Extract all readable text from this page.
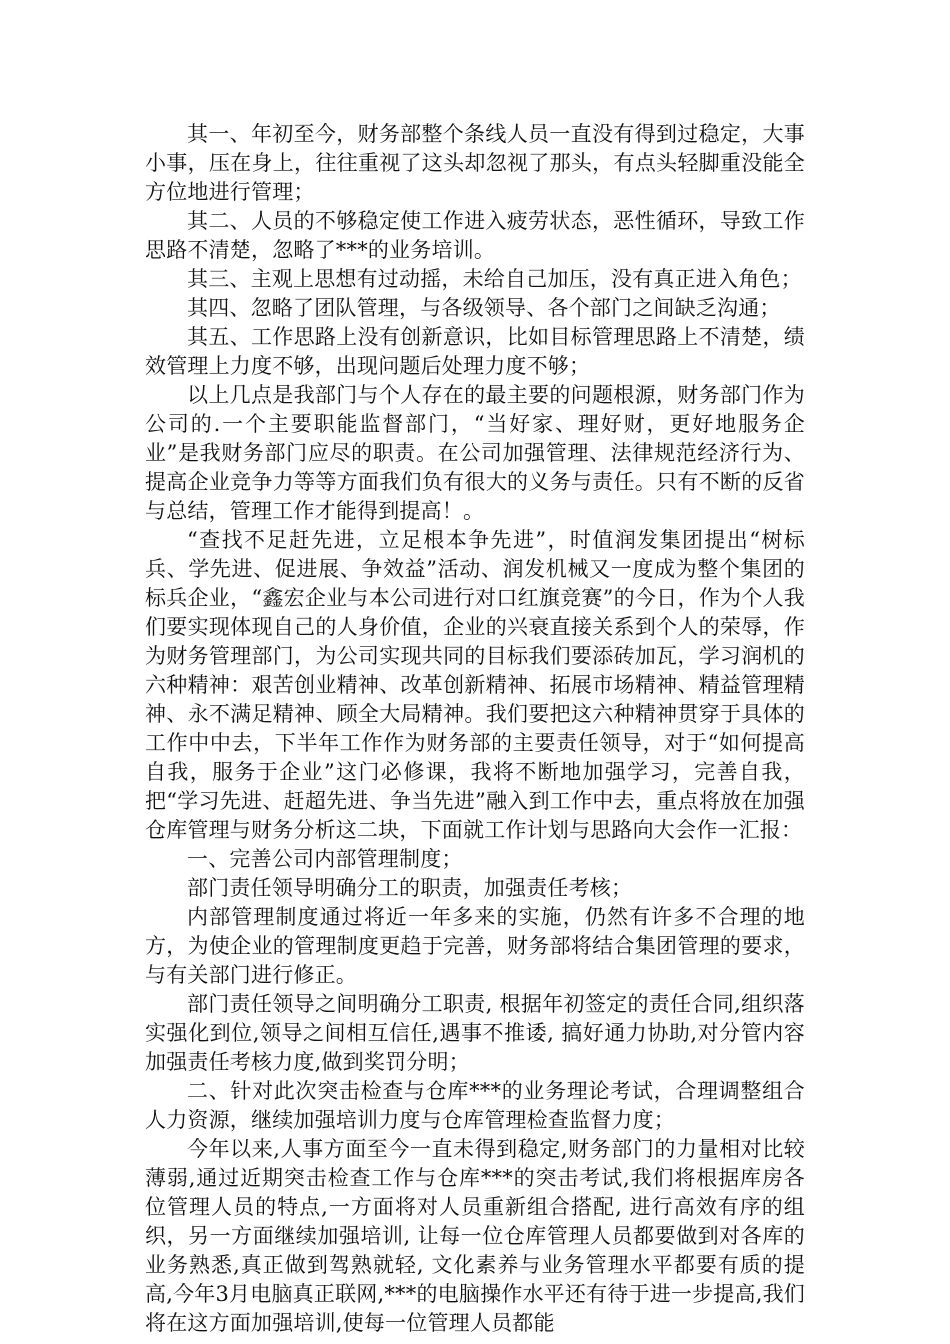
其一、年初至今，财务部整个条线人员一直没有得到过稳定，大事小事，压在身上，往往重视了这头却忽视了那头，有点头轻脚重没能全方位地进行管理；

其二、人员的不够稳定使工作进入疲劳状态，恶性循环，导致工作思路不清楚，忽略了***的业务培训。

其三、主观上思想有过动摇，未给自己加压，没有真正进入角色；

其四、忽略了团队管理，与各级领导、各个部门之间缺乏沟通；

其五、工作思路上没有创新意识，比如目标管理思路上不清楚，绩效管理上力度不够，出现问题后处理力度不够；

以上几点是我部门与个人存在的最主要的问题根源，财务部门作为公司的.一个主要职能监督部门，“当好家、理好财，更好地服务企业”是我财务部门应尽的职责。在公司加强管理、法律规范经济行为、提高企业竞争力等等方面我们负有很大的义务与责任。只有不断的反省与总结，管理工作才能得到提高！。

“查找不足赶先进，立足根本争先进”，时值润发集团提出“树标兵、学先进、促进展、争效益”活动、润发机械又一度成为整个集团的标兵企业，“鑫宏企业与本公司进行对口红旗竞赛”的今日，作为个人我们要实现体现自己的人身价值，企业的兴衰直接关系到个人的荣辱，作为财务管理部门，为公司实现共同的目标我们要添砖加瓦，学习润机的六种精神：艰苦创业精神、改革创新精神、拓展市场精神、精益管理精神、永不满足精神、顾全大局精神。我们要把这六种精神贯穿于具体的工作中中去，下半年工作作为财务部的主要责任领导，对于“如何提高自我，服务于企业”这门必修课，我将不断地加强学习，完善自我，把“学习先进、赶超先进、争当先进”融入到工作中去，重点将放在加强仓库管理与财务分析这二块，下面就工作计划与思路向大会作一汇报：

一、完善公司内部管理制度；

部门责任领导明确分工的职责，加强责任考核；

内部管理制度通过将近一年多来的实施，仍然有许多不合理的地方，为使企业的管理制度更趋于完善，财务部将结合集团管理的要求，与有关部门进行修正。

部门责任领导之间明确分工职责, 根据年初签定的责任合同,组织落实强化到位,领导之间相互信任,遇事不推诿, 搞好通力协助,对分管内容加强责任考核力度,做到奖罚分明；

二、针对此次突击检查与仓库***的业务理论考试，合理调整组合人力资源，继续加强培训力度与仓库管理检查监督力度；

今年以来,人事方面至今一直未得到稳定,财务部门的力量相对比较薄弱,通过近期突击检查工作与仓库***的突击考试,我们将根据库房各位管理人员的特点,一方面将对人员重新组合搭配, 进行高效有序的组织，另一方面继续加强培训, 让每一位仓库管理人员都要做到对各库的业务熟悉,真正做到驾熟就轻, 文化素养与业务管理水平都要有质的提高,今年3月电脑真正联网,***的电脑操作水平还有待于进一步提高,我们将在这方面加强培训,使每一位管理人员都能
